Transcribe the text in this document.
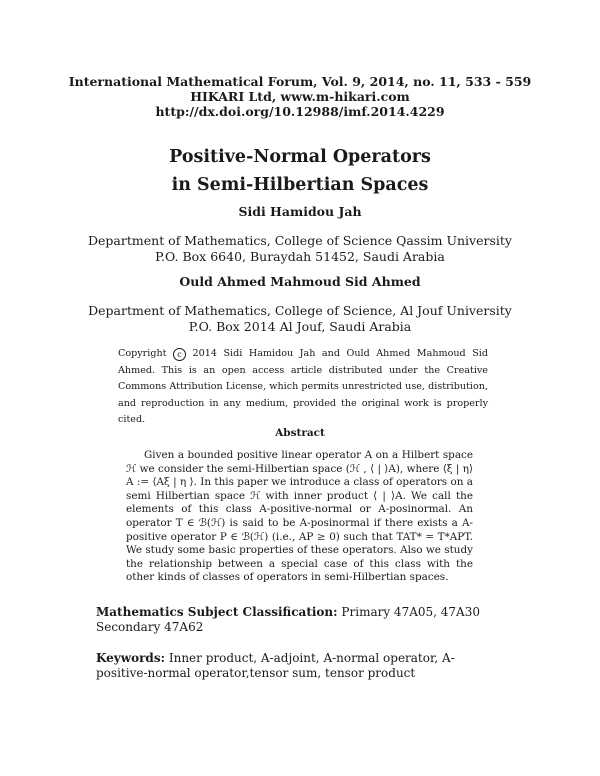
International Mathematical Forum, Vol. 9, 2014, no. 11, 533 - 559
HIKARI Ltd, www.m-hikari.com
http://dx.doi.org/10.12988/imf.2014.4229
Positive-Normal Operators
in Semi-Hilbertian Spaces
Sidi Hamidou Jah
Department of Mathematics, College of Science Qassim University
P.O. Box 6640, Buraydah 51452, Saudi Arabia
Ould Ahmed Mahmoud Sid Ahmed
Department of Mathematics, College of Science, Al Jouf University
P.O. Box 2014 Al Jouf, Saudi Arabia
Copyright c 2014 Sidi Hamidou Jah and Ould Ahmed Mahmoud Sid Ahmed. This is an open access article distributed under the Creative Commons Attribution License, which permits unrestricted use, distribution, and reproduction in any medium, provided the original work is properly cited.
Abstract

Given a bounded positive linear operator A on a Hilbert space ℋ we consider the semi-Hilbertian space (ℋ , ⟨ | ⟩A), where ⟨ξ | η⟩A := ⟨Aξ | η ⟩. In this paper we introduce a class of operators on a semi Hilbertian space ℋ with inner product ⟨ | ⟩A. We call the elements of this class A-positive-normal or A-posinormal. An operator T ∈ ℬ(ℋ) is said to be A-posinormal if there exists a A-positive operator P ∈ ℬ(ℋ) (i.e., AP ≥ 0) such that TAT* = T*APT. We study some basic properties of these operators. Also we study the relationship between a special case of this class with the other kinds of classes of operators in semi-Hilbertian spaces.

Mathematics Subject Classification: Primary 47A05, 47A30 Secondary 47A62
Keywords: Inner product, A-adjoint, A-normal operator, A-positive-normal operator,tensor sum, tensor product
